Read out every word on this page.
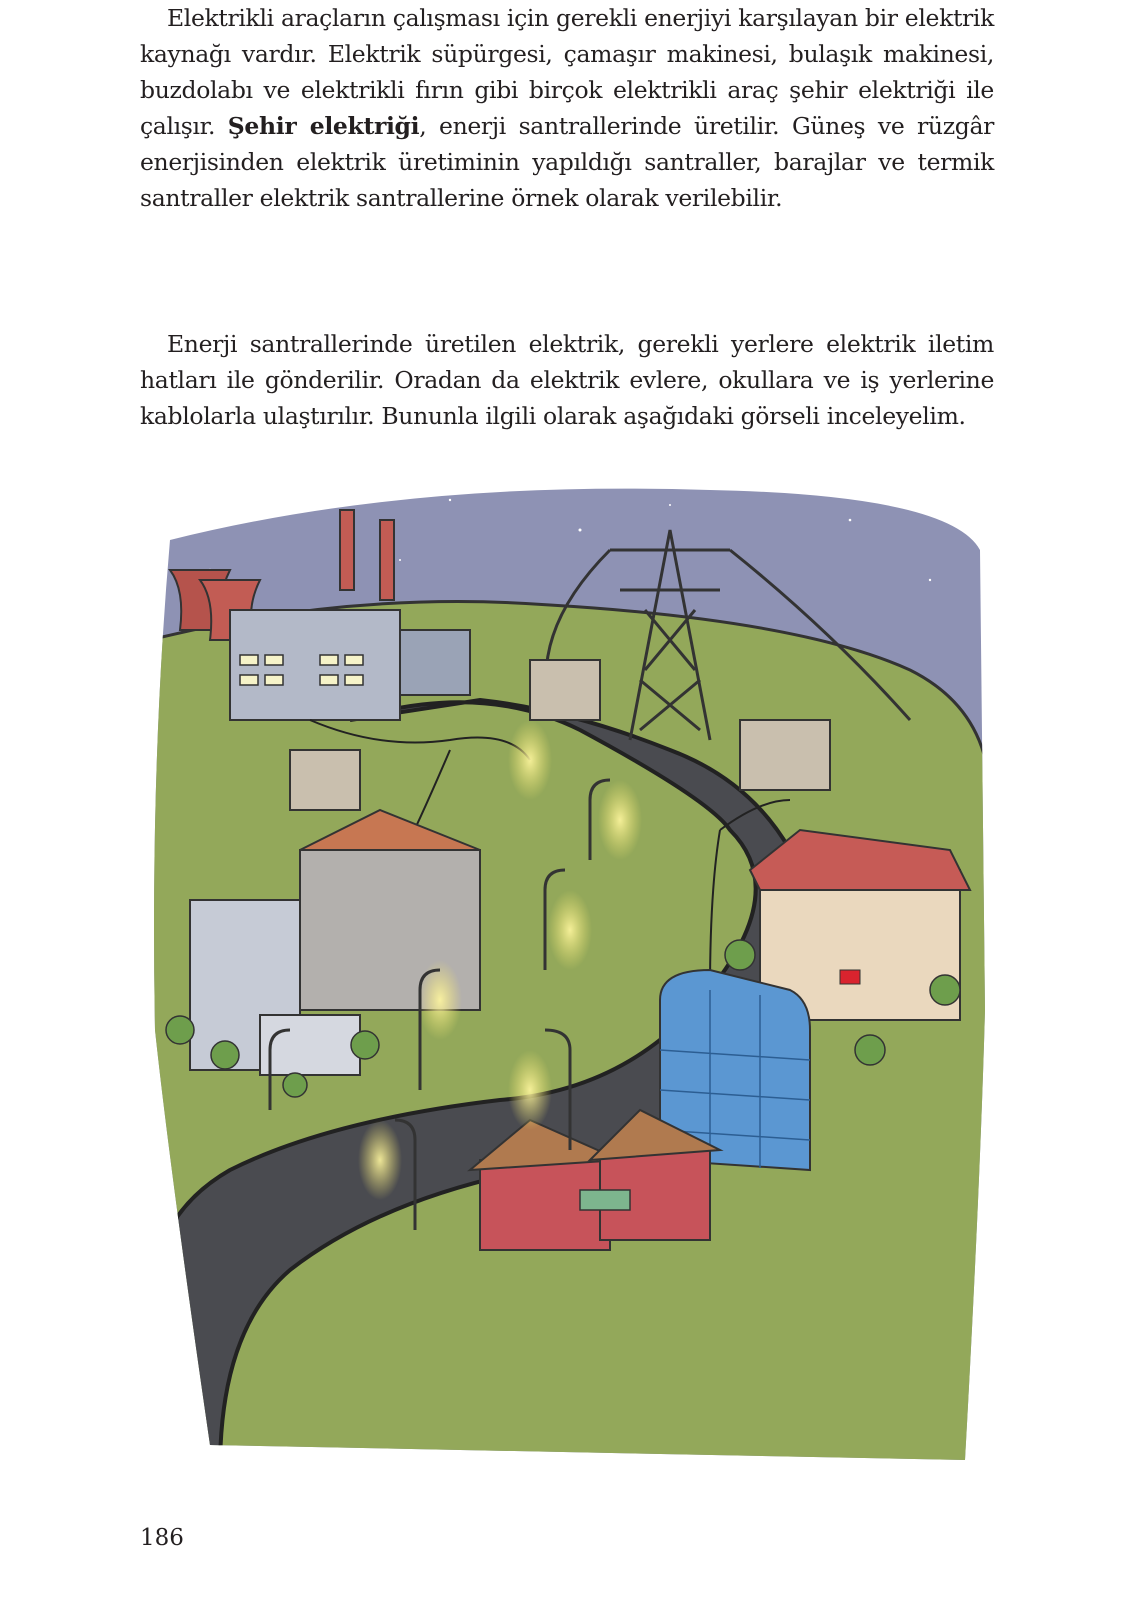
Elektrikli araçların çalışması için gerekli enerjiyi karşılayan bir elektrik kaynağı vardır. Elektrik süpürgesi, çamaşır makinesi, bulaşık makinesi, buzdolabı ve elektrikli fırın gibi birçok elektrikli araç şehir elektriği ile çalışır. Şehir elektriği, enerji santrallerinde üretilir. Güneş ve rüzgâr enerjisinden elektrik üretiminin yapıldığı santraller, barajlar ve termik santraller elektrik santrallerine örnek olarak verilebilir.

Enerji santrallerinde üretilen elektrik, gerekli yerlere elektrik iletim hatları ile gönderilir. Oradan da elektrik evlere, okullara ve iş yerlerine kablolarla ulaştırılır. Bununla ilgili olarak aşağıdaki görseli inceleyelim.

186
